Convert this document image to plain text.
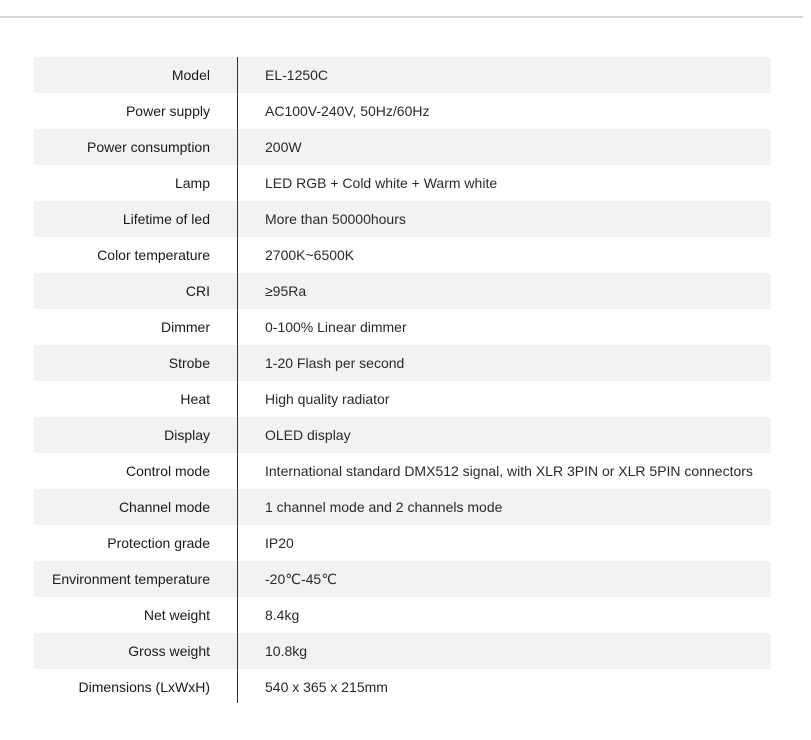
Model	EL-1250C
Power supply	AC100V-240V, 50Hz/60Hz
Power consumption	200W
Lamp	LED RGB + Cold white + Warm white
Lifetime of led	More than 50000hours
Color temperature	2700K~6500K
CRI	≥95Ra
Dimmer	0-100% Linear dimmer
Strobe	1-20 Flash per second
Heat	High quality radiator
Display	OLED display
Control mode	International standard DMX512 signal, with XLR 3PIN or XLR 5PIN connectors
Channel mode	1 channel mode and 2 channels mode
Protection grade	IP20
Environment temperature	-20℃-45℃
Net weight	8.4kg
Gross weight	10.8kg
Dimensions (LxWxH)	540 x 365 x 215mm
